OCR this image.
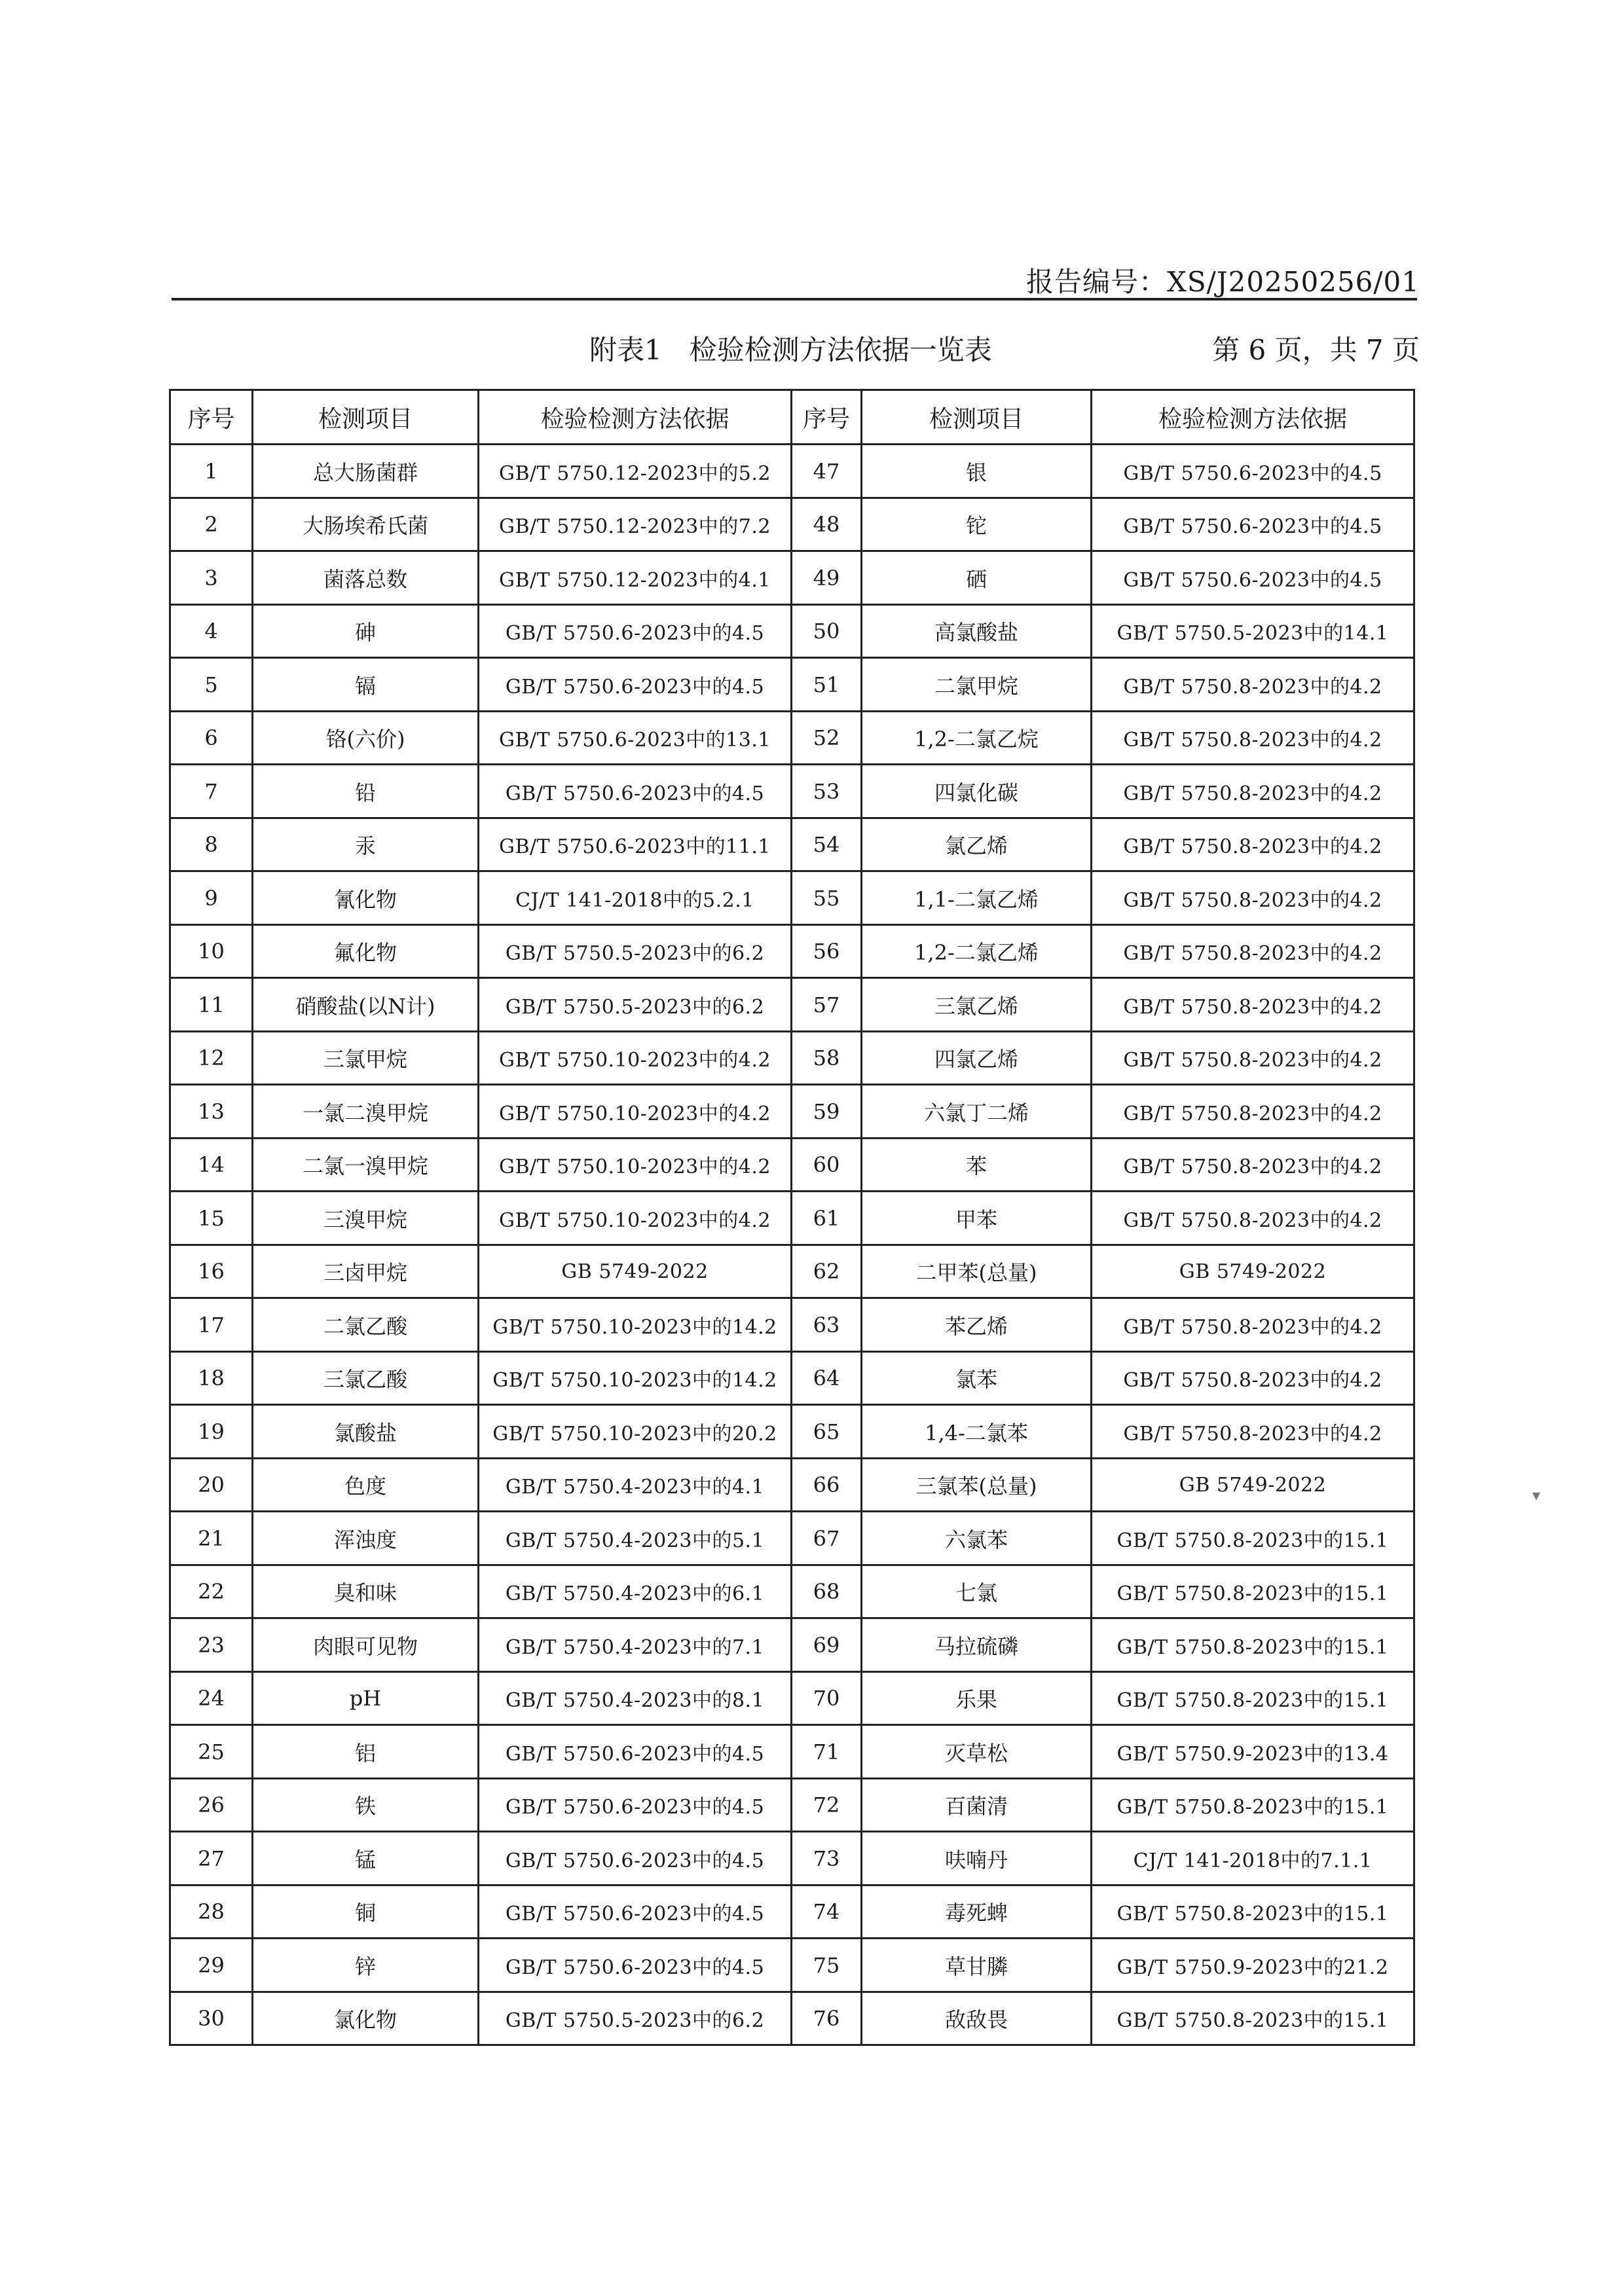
报告编号：XS/J20250256/01
附表1　检验检测方法依据一览表	第 6 页，共 7 页
序号	检测项目	检验检测方法依据	序号	检测项目	检验检测方法依据
1	总大肠菌群	GB/T 5750.12-2023中的5.2	47	银	GB/T 5750.6-2023中的4.5
2	大肠埃希氏菌	GB/T 5750.12-2023中的7.2	48	铊	GB/T 5750.6-2023中的4.5
3	菌落总数	GB/T 5750.12-2023中的4.1	49	硒	GB/T 5750.6-2023中的4.5
4	砷	GB/T 5750.6-2023中的4.5	50	高氯酸盐	GB/T 5750.5-2023中的14.1
5	镉	GB/T 5750.6-2023中的4.5	51	二氯甲烷	GB/T 5750.8-2023中的4.2
6	铬(六价)	GB/T 5750.6-2023中的13.1	52	1,2-二氯乙烷	GB/T 5750.8-2023中的4.2
7	铅	GB/T 5750.6-2023中的4.5	53	四氯化碳	GB/T 5750.8-2023中的4.2
8	汞	GB/T 5750.6-2023中的11.1	54	氯乙烯	GB/T 5750.8-2023中的4.2
9	氰化物	CJ/T 141-2018中的5.2.1	55	1,1-二氯乙烯	GB/T 5750.8-2023中的4.2
10	氟化物	GB/T 5750.5-2023中的6.2	56	1,2-二氯乙烯	GB/T 5750.8-2023中的4.2
11	硝酸盐(以N计)	GB/T 5750.5-2023中的6.2	57	三氯乙烯	GB/T 5750.8-2023中的4.2
12	三氯甲烷	GB/T 5750.10-2023中的4.2	58	四氯乙烯	GB/T 5750.8-2023中的4.2
13	一氯二溴甲烷	GB/T 5750.10-2023中的4.2	59	六氯丁二烯	GB/T 5750.8-2023中的4.2
14	二氯一溴甲烷	GB/T 5750.10-2023中的4.2	60	苯	GB/T 5750.8-2023中的4.2
15	三溴甲烷	GB/T 5750.10-2023中的4.2	61	甲苯	GB/T 5750.8-2023中的4.2
16	三卤甲烷	GB 5749-2022	62	二甲苯(总量)	GB 5749-2022
17	二氯乙酸	GB/T 5750.10-2023中的14.2	63	苯乙烯	GB/T 5750.8-2023中的4.2
18	三氯乙酸	GB/T 5750.10-2023中的14.2	64	氯苯	GB/T 5750.8-2023中的4.2
19	氯酸盐	GB/T 5750.10-2023中的20.2	65	1,4-二氯苯	GB/T 5750.8-2023中的4.2
20	色度	GB/T 5750.4-2023中的4.1	66	三氯苯(总量)	GB 5749-2022
21	浑浊度	GB/T 5750.4-2023中的5.1	67	六氯苯	GB/T 5750.8-2023中的15.1
22	臭和味	GB/T 5750.4-2023中的6.1	68	七氯	GB/T 5750.8-2023中的15.1
23	肉眼可见物	GB/T 5750.4-2023中的7.1	69	马拉硫磷	GB/T 5750.8-2023中的15.1
24	pH	GB/T 5750.4-2023中的8.1	70	乐果	GB/T 5750.8-2023中的15.1
25	铝	GB/T 5750.6-2023中的4.5	71	灭草松	GB/T 5750.9-2023中的13.4
26	铁	GB/T 5750.6-2023中的4.5	72	百菌清	GB/T 5750.8-2023中的15.1
27	锰	GB/T 5750.6-2023中的4.5	73	呋喃丹	CJ/T 141-2018中的7.1.1
28	铜	GB/T 5750.6-2023中的4.5	74	毒死蜱	GB/T 5750.8-2023中的15.1
29	锌	GB/T 5750.6-2023中的4.5	75	草甘膦	GB/T 5750.9-2023中的21.2
30	氯化物	GB/T 5750.5-2023中的6.2	76	敌敌畏	GB/T 5750.8-2023中的15.1
▾
